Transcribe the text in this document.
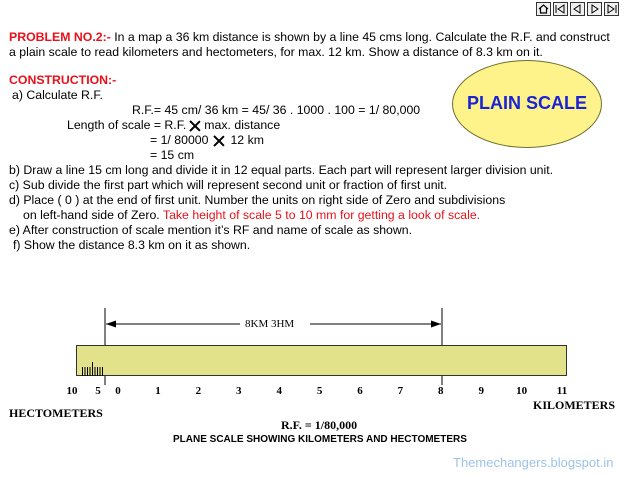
PROBLEM NO.2:- In a map a 36 km distance is shown by a line 45 cms long. Calculate the R.F. and construct
a plain scale to read kilometers and hectometers, for max. 12 km. Show a distance of 8.3 km on it.
CONSTRUCTION:-
a) Calculate R.F.
R.F.= 45 cm/ 36 km = 45/ 36 . 1000 . 100 = 1/ 80,000
Length of scale = R.F. max. distance
= 1/ 80000 12 km
= 15 cm
b) Draw a line 15 cm long and divide it in 12 equal parts. Each part will represent larger division unit.
c) Sub divide the first part which will represent second unit or fraction of first unit.
d) Place ( 0 ) at the end of first unit. Number the units on right side of Zero and subdivisions
on left-hand side of Zero. Take height of scale 5 to 10 mm for getting a look of scale.
e) After construction of scale mention it’s RF and name of scale as shown.
f) Show the distance 8.3 km on it as shown.
PLAIN SCALE
8KM 3HM
10 5 0	1	2	3	4	5	6	7	8	9	10	11
HECTOMETERS
KILOMETERS
R.F. = 1/80,000
PLANE SCALE SHOWING KILOMETERS AND HECTOMETERS
Themechangers.blogspot.in
